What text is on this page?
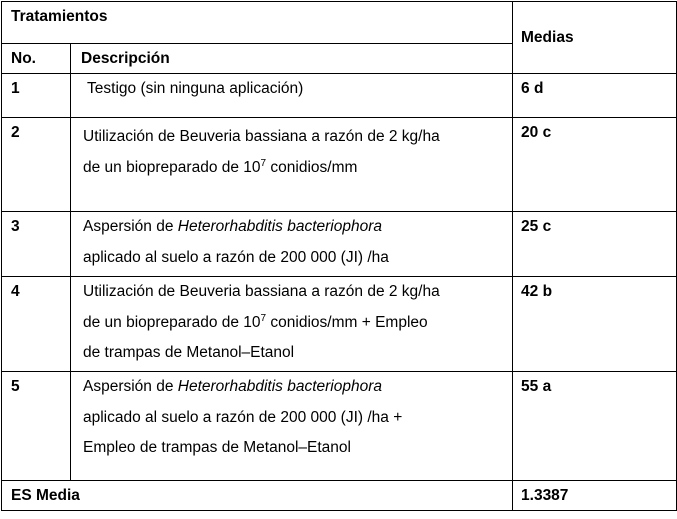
Tratamientos		Medias
No.	Descripción	
1	Testigo (sin ninguna aplicación)	6 d
2	Utilización de Beuveria bassiana a razón de 2 kg/ha
de un biopreparado de $10^7$ conidios/mm	20 c
3	Aspersión de Heterorhabditis bacteriophora
aplicado al suelo a razón de 200 000 (JI) /ha	25 c
4	Utilización de Beuveria bassiana a razón de 2 kg/ha
de un biopreparado de $10^7$ conidios/mm + Empleo
de trampas de Metanol–Etanol	42 b
5	Aspersión de Heterorhabditis bacteriophora
aplicado al suelo a razón de 200 000 (JI) /ha +
Empleo de trampas de Metanol–Etanol	55 a
ES Media		1.3387
